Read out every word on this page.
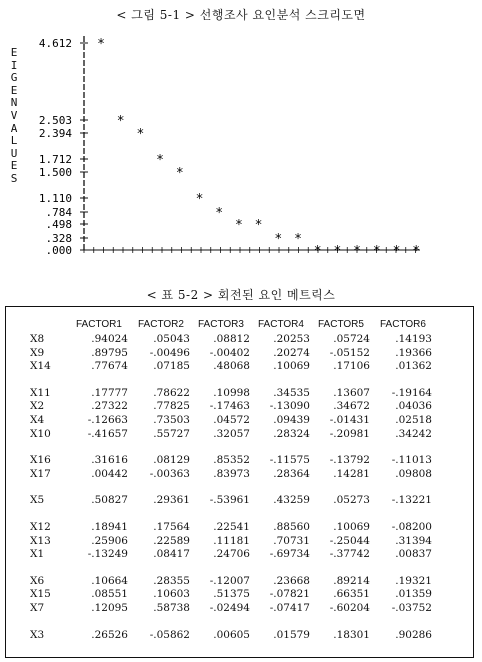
< 그림 5-1 > 선행조사 요인분석 스크리도면
E
I
G
E
N
V
A
L
U
E
S
4.612
2.503
2.394
1.712
1.500
1.110
.784
.498
.328
.000
*
*
*
*
*
*
*
* *
* *
* * * * * *
< 표 5-2 > 회전된 요인 메트릭스
FACTOR1 FACTOR2 FACTOR3 FACTOR4 FACTOR5 FACTOR6
X8	.94024	.05043	.08812	.20253	.05724	.14193
X9	.89795	-.00496	-.00402	.20274	-.05152	.19366
X14	.77674	.07185	.48068	.10069	.17106	.01362
X11	.17777	.78622	.10998	.34535	.13607	-.19164
X2	.27322	.77825	-.17463	-.13090	.34672	.04036
X4	-.12663	.73503	.04572	.09439	-.01431	.02518
X10	-.41657	.55727	.32057	.28324	-.20981	.34242
X16	.31616	.08129	.85352	-.11575	-.13792	-.11013
X17	.00442	-.00363	.83973	.28364	.14281	.09808
X5	.50827	.29361	-.53961	.43259	.05273	-.13221
X12	.18941	.17564	.22541	.88560	.10069	-.08200
X13	.25906	.22589	.11181	.70731	-.25044	.31394
X1	-.13249	.08417	.24706	-.69734	-.37742	.00837
X6	.10664	.28355	-.12007	.23668	.89214	.19321
X15	.08551	.10603	.51375	-.07821	.66351	.01359
X7	.12095	.58738	-.02494	-.07417	-.60204	-.03752
X3	.26526	-.05862	.00605	.01579	.18301	.90286
